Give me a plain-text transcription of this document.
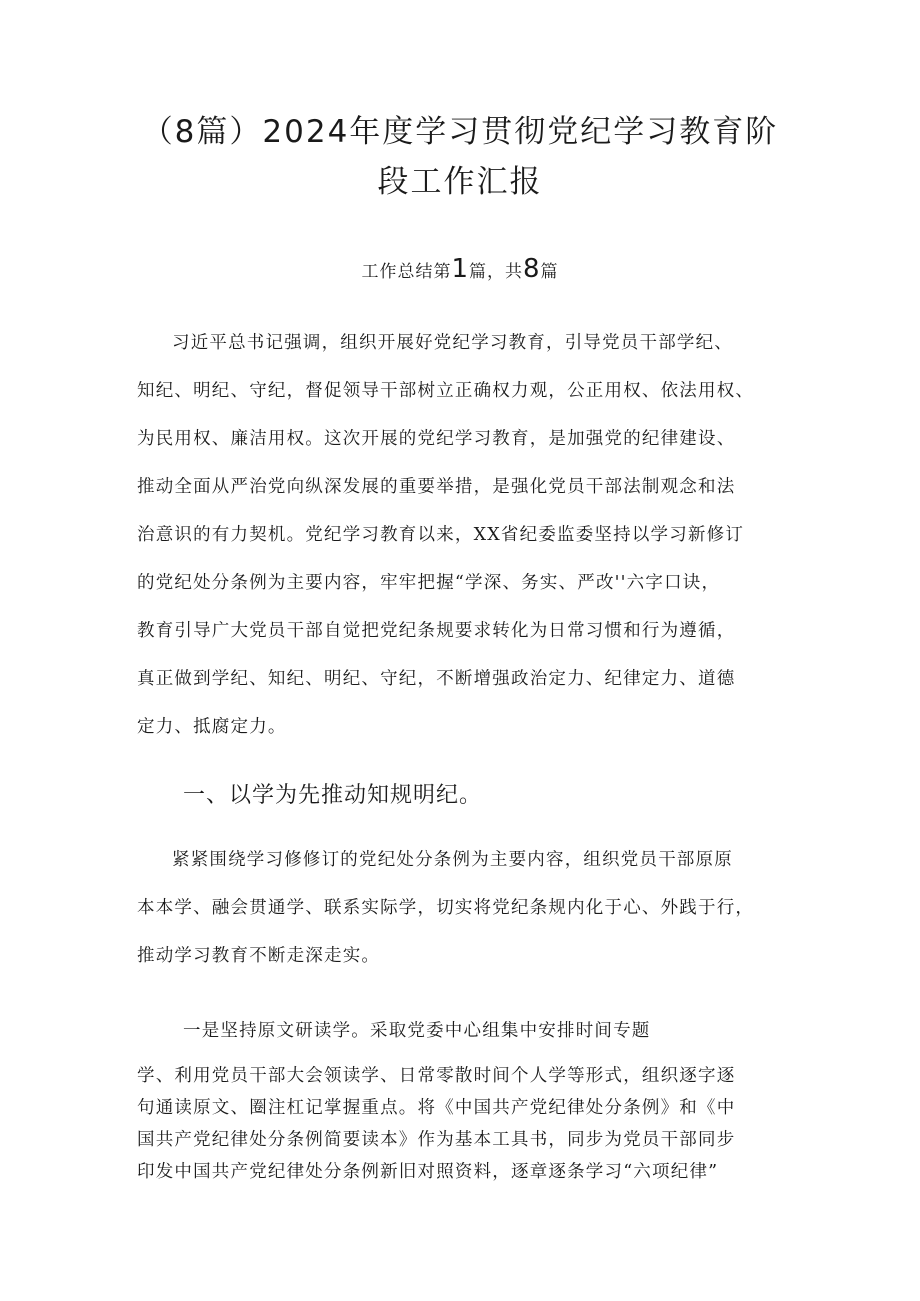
（8篇）2024年度学习贯彻党纪学习教育阶
段工作汇报
工作总结第1篇，共8篇

习近平总书记强调，组织开展好党纪学习教育，引导党员干部学纪、
知纪、明纪、守纪，督促领导干部树立正确权力观，公正用权、依法用权、
为民用权、廉洁用权。这次开展的党纪学习教育，是加强党的纪律建设、
推动全面从严治党向纵深发展的重要举措，是强化党员干部法制观念和法
治意识的有力契机。党纪学习教育以来，XX省纪委监委坚持以学习新修订
的党纪处分条例为主要内容，牢牢把握“学深、务实、严改''六字口诀，
教育引导广大党员干部自觉把党纪条规要求转化为日常习惯和行为遵循，
真正做到学纪、知纪、明纪、守纪，不断增强政治定力、纪律定力、道德
定力、抵腐定力。

一、以学为先推动知规明纪。

紧紧围绕学习修修订的党纪处分条例为主要内容，组织党员干部原原
本本学、融会贯通学、联系实际学，切实将党纪条规内化于心、外践于行，
推动学习教育不断走深走实。

一是坚持原文研读学。采取党委中心组集中安排时间专题

学、利用党员干部大会领读学、日常零散时间个人学等形式，组织逐字逐
句通读原文、圈注杠记掌握重点。将《中国共产党纪律处分条例》和《中
国共产党纪律处分条例简要读本》作为基本工具书，同步为党员干部同步
印发中国共产党纪律处分条例新旧对照资料，逐章逐条学习“六项纪律”
